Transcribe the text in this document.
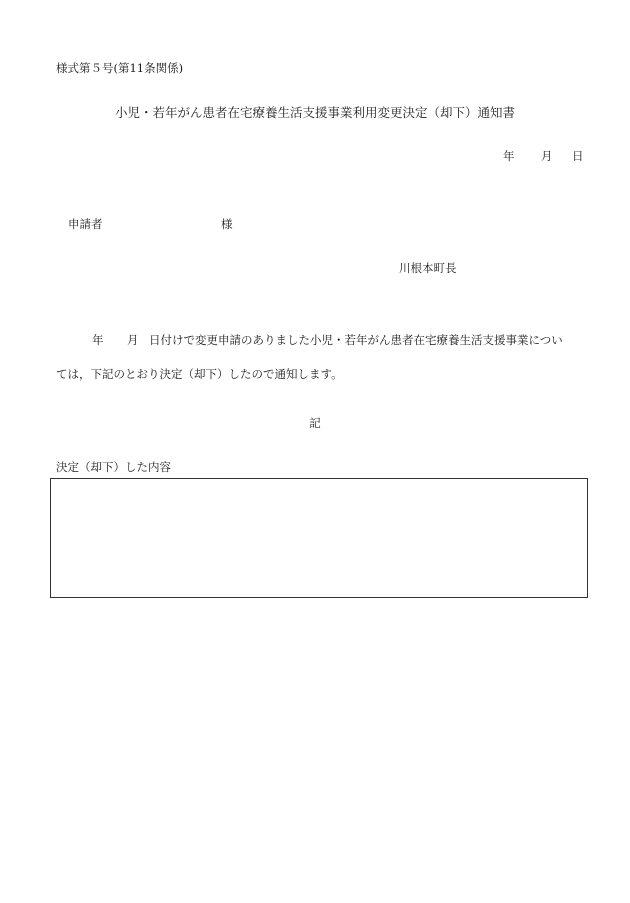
様式第５号(第11条関係)
小児・若年がん患者在宅療養生活支援事業利用変更決定（却下）通知書
年 月 日
申請者	様
川根本町長
年 月 日付けで変更申請のありました小児・若年がん患者在宅療養生活支援事業につい
ては，下記のとおり決定（却下）したので通知します。
記
決定（却下）した内容
